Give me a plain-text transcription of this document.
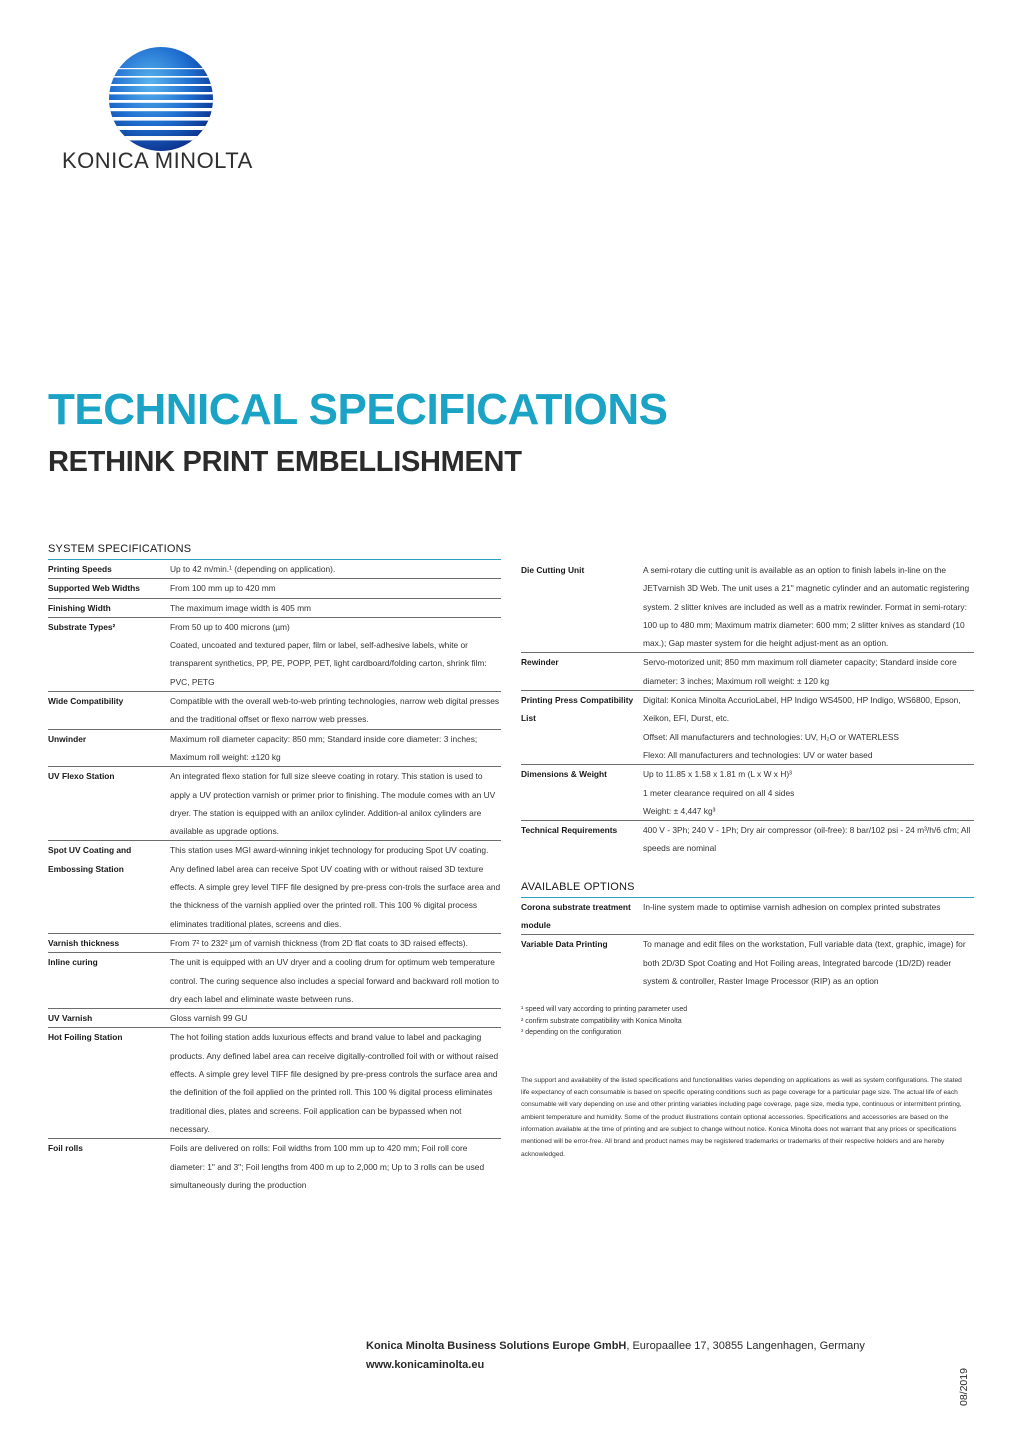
KONICA MINOLTA
TECHNICAL SPECIFICATIONS
RETHINK PRINT EMBELLISHMENT
SYSTEM SPECIFICATIONS
Printing Speeds	Up to 42 m/min.¹ (depending on application).
Supported Web Widths	From 100 mm up to 420 mm
Finishing Width	The maximum image width is 405 mm
Substrate Types²	From 50 up to 400 microns (µm)
Coated, uncoated and textured paper, film or label, self-adhesive labels, white or transparent synthetics, PP, PE, POPP, PET, light cardboard/folding carton, shrink film: PVC, PETG

Wide Compatibility	Compatible with the overall web-to-web printing technologies, narrow web digital presses and the traditional offset or flexo narrow web presses.
Unwinder	Maximum roll diameter capacity: 850 mm; Standard inside core diameter: 3 inches; Maximum roll weight: ±120 kg
UV Flexo Station	An integrated flexo station for full size sleeve coating in rotary. This station is used to apply a UV protection varnish or primer prior to finishing. The module comes with an UV dryer. The station is equipped with an anilox cylinder. Addition-al anilox cylinders are available as upgrade options.
Spot UV Coating and Embossing Station	This station uses MGI award-winning inkjet technology for producing Spot UV coating. Any defined label area can receive Spot UV coating with or without raised 3D texture effects. A simple grey level TIFF file designed by pre-press con-trols the surface area and the thickness of the varnish applied over the printed roll. This 100 % digital process eliminates traditional plates, screens and dies.
Varnish thickness	From 7² to 232² µm of varnish thickness (from 2D flat coats to 3D raised effects).
Inline curing	The unit is equipped with an UV dryer and a cooling drum for optimum web temperature control. The curing sequence also includes a special forward and backward roll motion to dry each label and eliminate waste between runs.
UV Varnish	Gloss varnish 99 GU
Hot Foiling Station	The hot foiling station adds luxurious effects and brand value to label and packaging products. Any defined label area can receive digitally-controlled foil with or without raised effects. A simple grey level TIFF file designed by pre-press controls the surface area and the definition of the foil applied on the printed roll. This 100 % digital process eliminates traditional dies, plates and screens. Foil application can be bypassed when not necessary.
Foil rolls	Foils are delivered on rolls: Foil widths from 100 mm up to 420 mm; Foil roll core diameter: 1" and 3"; Foil lengths from 400 m up to 2,000 m; Up to 3 rolls can be used simultaneously during the production
Die Cutting Unit	A semi-rotary die cutting unit is available as an option to finish labels in-line on the JETvarnish 3D Web. The unit uses a 21" magnetic cylinder and an automatic registering system. 2 slitter knives are included as well as a matrix rewinder. Format in semi-rotary: 100 up to 480 mm; Maximum matrix diameter: 600 mm; 2 slitter knives as standard (10 max.); Gap master system for die height adjust-ment as an option.
Rewinder	Servo-motorized unit; 850 mm maximum roll diameter capacity; Standard inside core diameter: 3 inches; Maximum roll weight: ± 120 kg
Printing Press Compatibility List	Digital: Konica Minolta AccurioLabel, HP Indigo WS4500, HP Indigo, WS6800, Epson, Xeikon, EFI, Durst, etc.
Offset: All manufacturers and technologies: UV, H₂O or WATERLESS
Flexo: All manufacturers and technologies: UV or water based

Dimensions & Weight	Up to 11.85 x 1.58 x 1.81 m (L x W x H)³
1 meter clearance required on all 4 sides
Weight: ± 4,447 kg³

Technical Requirements	400 V - 3Ph; 240 V - 1Ph; Dry air compressor (oil-free): 8 bar/102 psi - 24 m³/h/6 cfm; All speeds are nominal
AVAILABLE OPTIONS
Corona substrate treatment module	In-line system made to optimise varnish adhesion on complex printed substrates
Variable Data Printing	To manage and edit files on the workstation, Full variable data (text, graphic, image) for both 2D/3D Spot Coating and Hot Foiling areas, Integrated barcode (1D/2D) reader system & controller, Raster Image Processor (RIP) as an option
¹ speed will vary according to printing parameter used
² confirm substrate compatibility with Konica Minolta
³ depending on the configuration
The support and availability of the listed specifications and functionalities varies depending on applications as well as system configurations. The stated life expectancy of each consumable is based on specific operating conditions such as page coverage for a particular page size. The actual life of each consumable will vary depending on use and other printing variables including page coverage, page size, media type, continuous or intermittent printing, ambient temperature and humidity. Some of the product illustrations contain optional accessories. Specifications and accessories are based on the information available at the time of printing and are subject to change without notice. Konica Minolta does not warrant that any prices or specifications mentioned will be error-free. All brand and product names may be registered trademarks or trademarks of their respective holders and are hereby acknowledged.
Konica Minolta Business Solutions Europe GmbH, Europaallee 17, 30855 Langenhagen, Germany
www.konicaminolta.eu
08/2019
